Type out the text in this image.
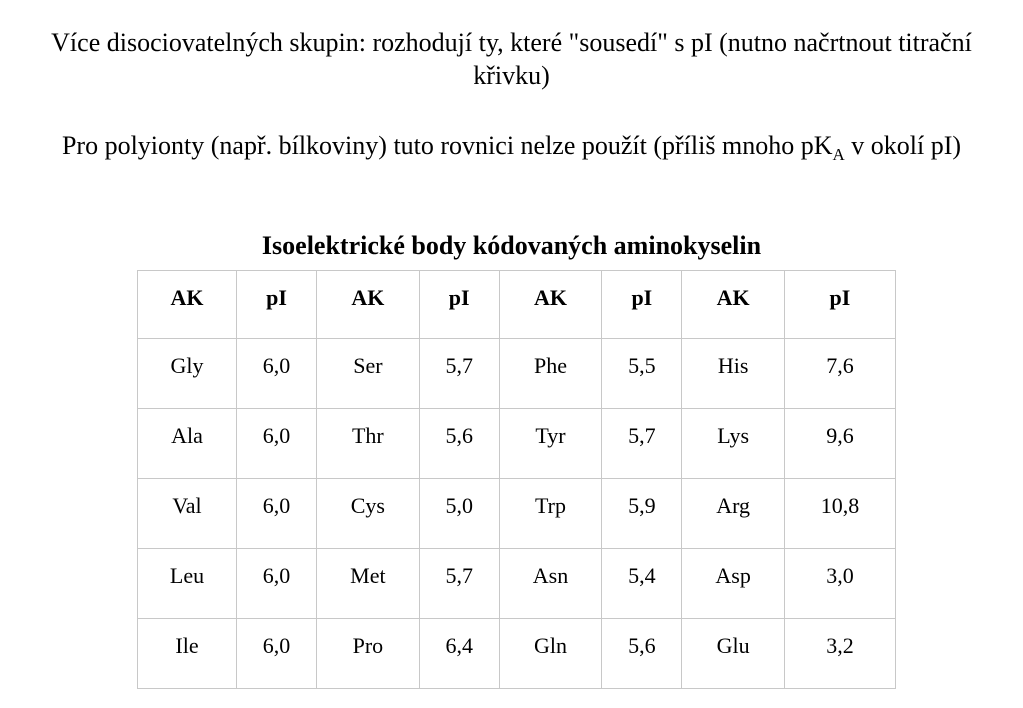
Více disociovatelných skupin: rozhodují ty, které "sousedí" s pI (nutno načrtnout titrační křivku)

Pro polyionty (např. bílkoviny) tuto rovnici nelze použít (příliš mnoho $pK_A$ v okolí pI)

Isoelektrické body kódovaných aminokyselin

AK	pI	AK	pI	AK	pI	AK	pI
Gly	6,0	Ser	5,7	Phe	5,5	His	7,6
Ala	6,0	Thr	5,6	Tyr	5,7	Lys	9,6
Val	6,0	Cys	5,0	Trp	5,9	Arg	10,8
Leu	6,0	Met	5,7	Asn	5,4	Asp	3,0
Ile	6,0	Pro	6,4	Gln	5,6	Glu	3,2
